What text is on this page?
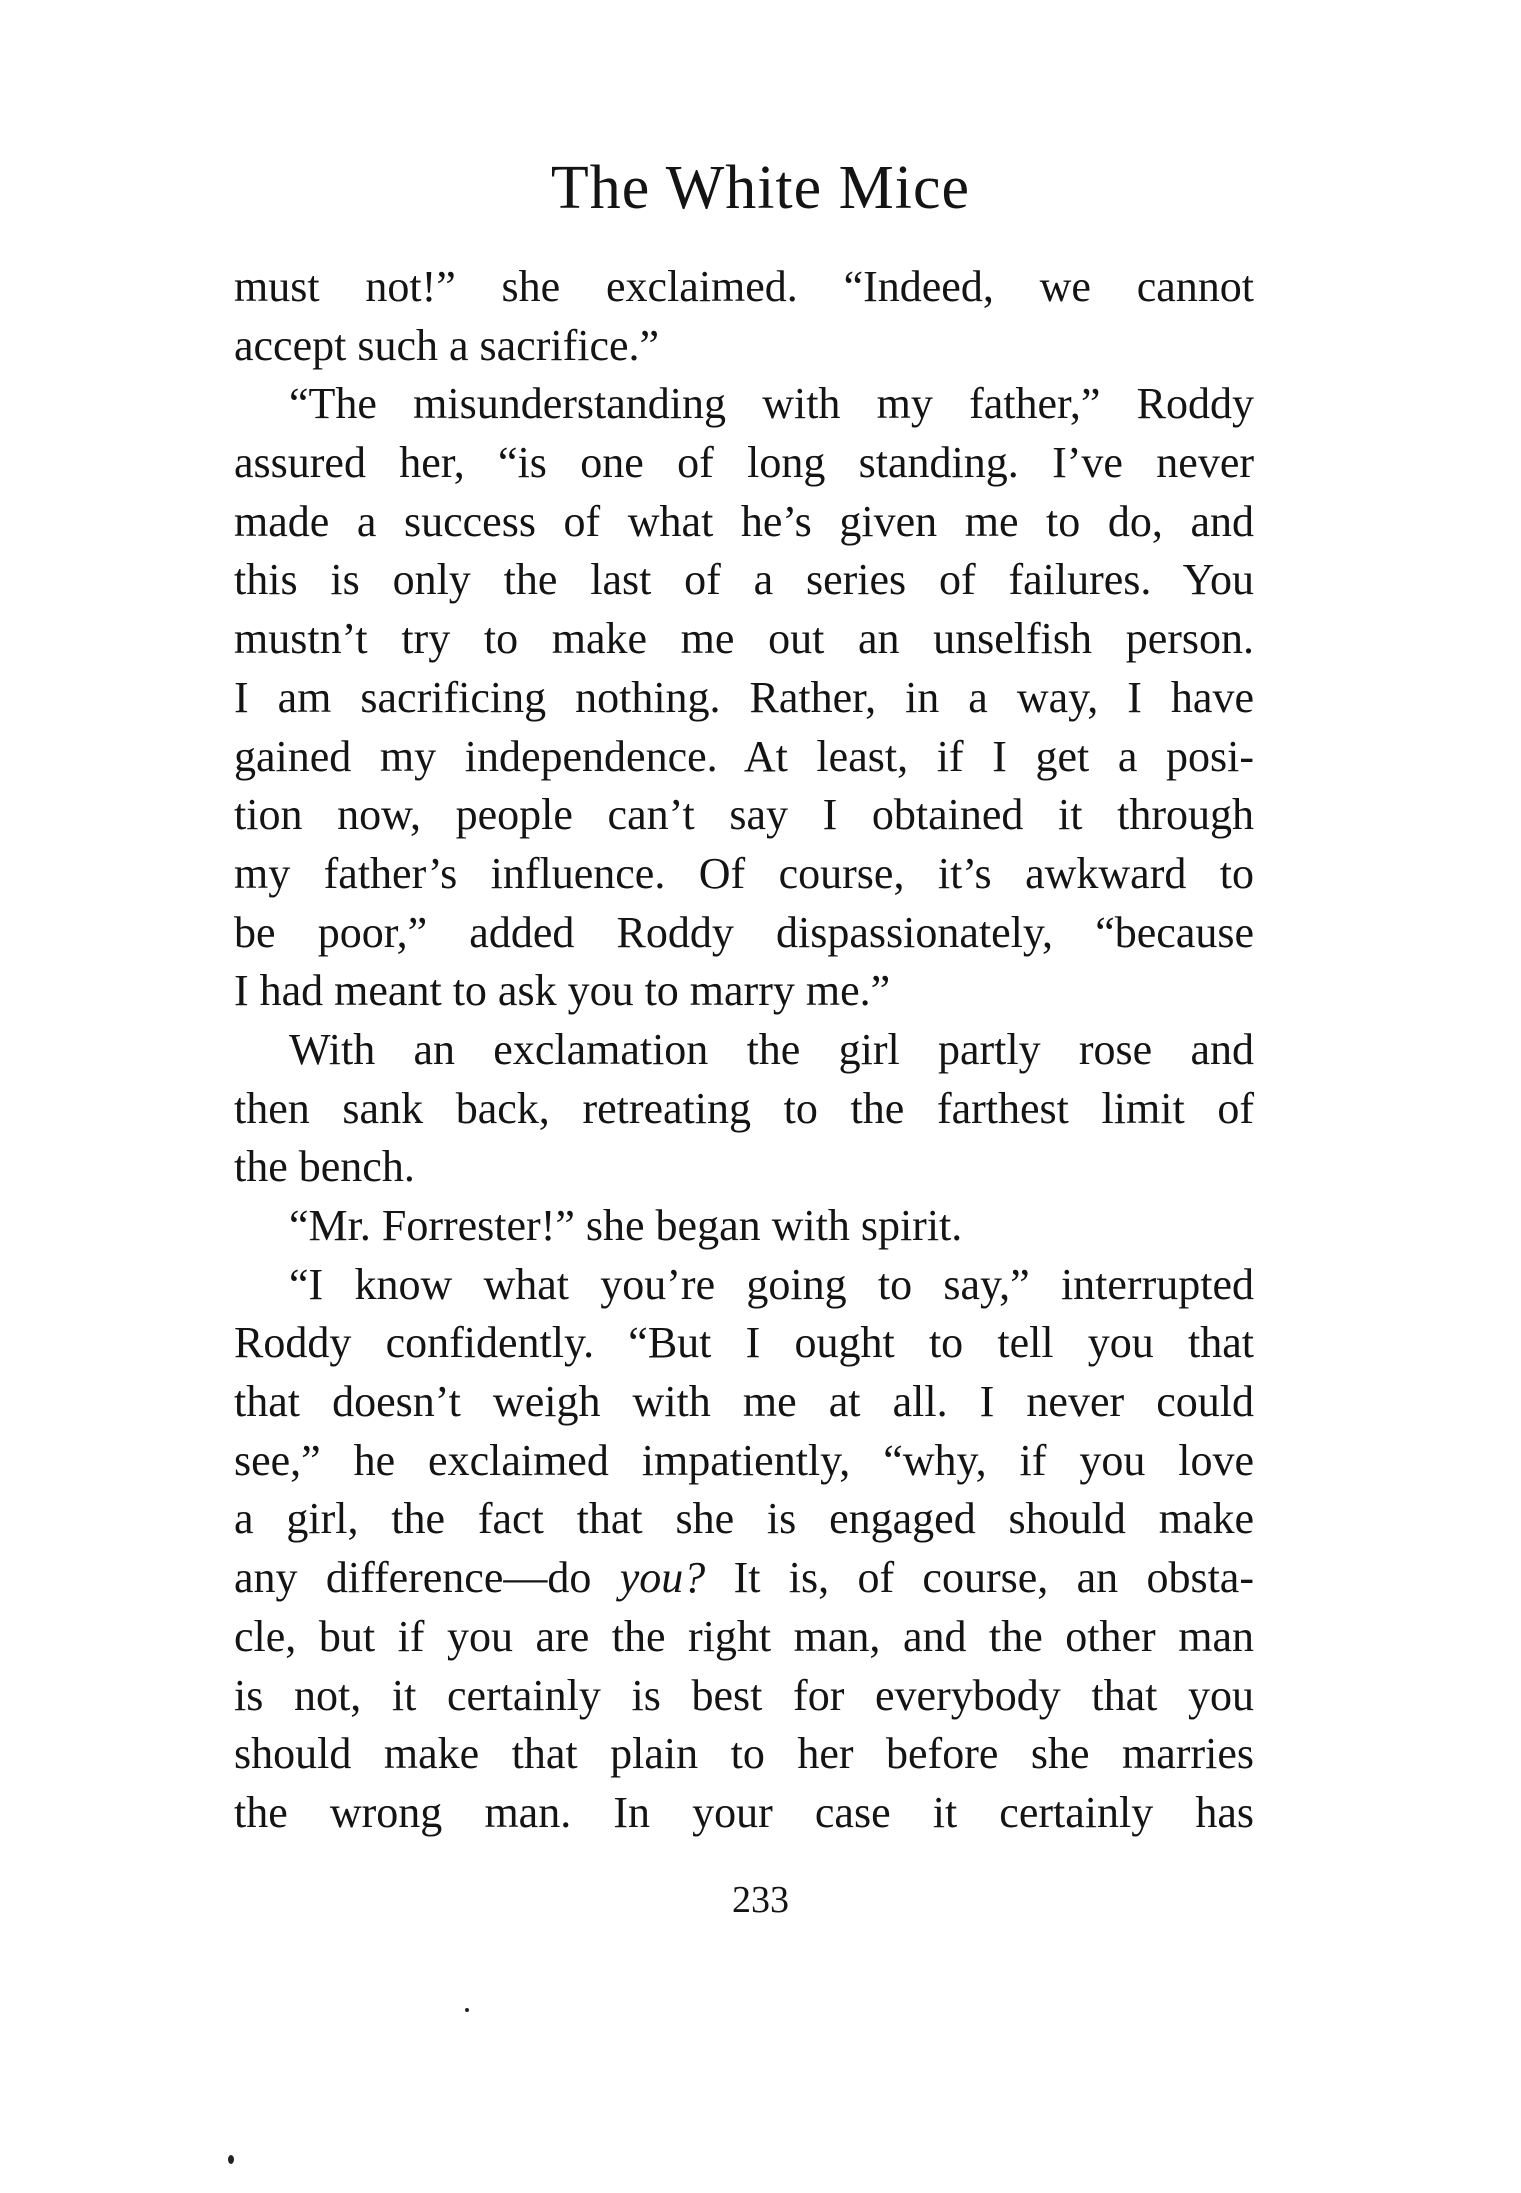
The White Mice
must not!” she exclaimed. “Indeed, we cannot
accept such a sacrifice.”
“The misunderstanding with my father,” Roddy
assured her, “is one of long standing. I’ve never
made a success of what he’s given me to do, and
this is only the last of a series of failures. You
mustn’t try to make me out an unselfish person.
I am sacrificing nothing. Rather, in a way, I have
gained my independence. At least, if I get a posi-
tion now, people can’t say I obtained it through
my father’s influence. Of course, it’s awkward to
be poor,” added Roddy dispassionately, “because
I had meant to ask you to marry me.”
With an exclamation the girl partly rose and
then sank back, retreating to the farthest limit of
the bench.
“Mr. Forrester!” she began with spirit.
“I know what you’re going to say,” interrupted
Roddy confidently. “But I ought to tell you that
that doesn’t weigh with me at all. I never could
see,” he exclaimed impatiently, “why, if you love
a girl, the fact that she is engaged should make
any difference—do you? It is, of course, an obsta-
cle, but if you are the right man, and the other man
is not, it certainly is best for everybody that you
should make that plain to her before she marries
the wrong man. In your case it certainly has
233
